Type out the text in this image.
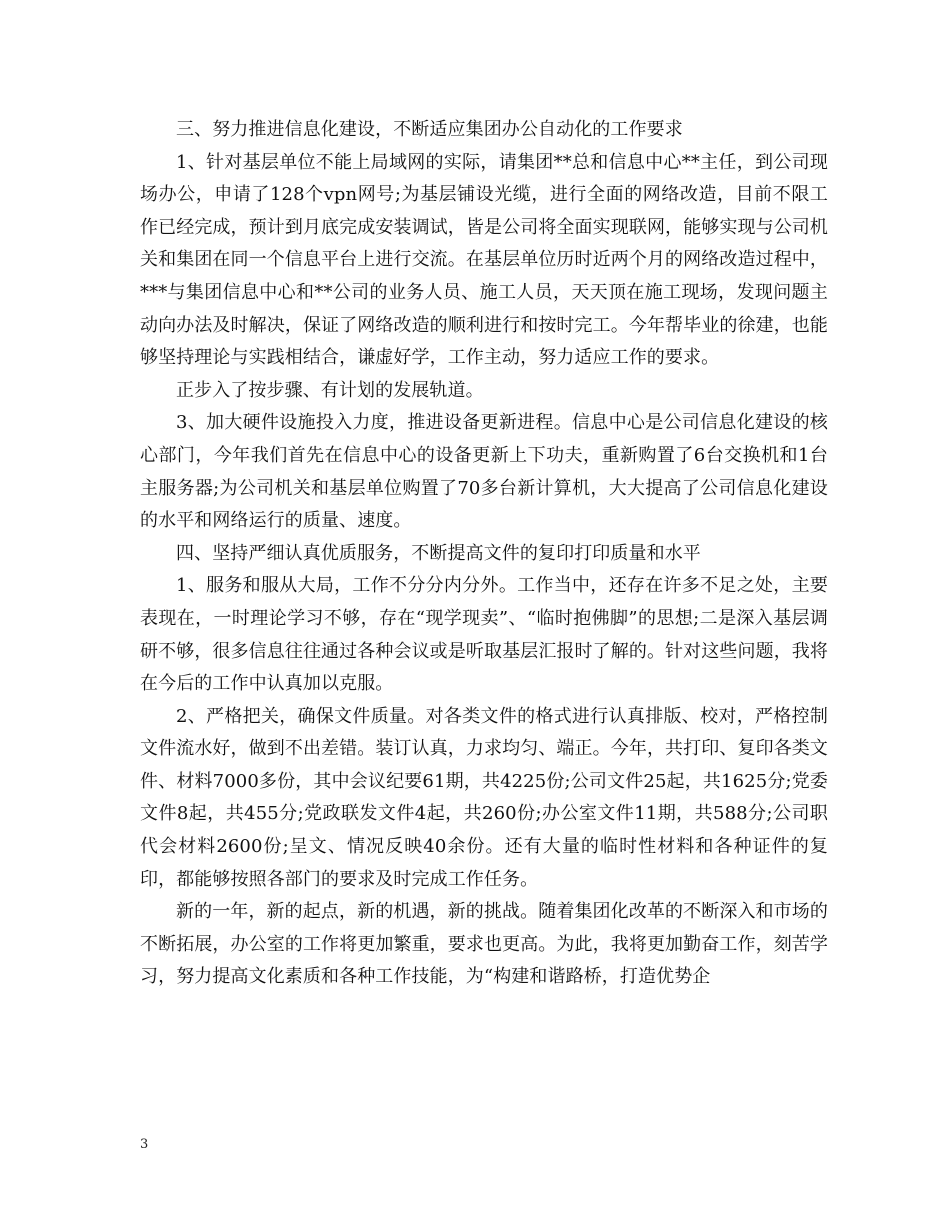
三、努力推进信息化建设，不断适应集团办公自动化的工作要求

1、针对基层单位不能上局域网的实际，请集团**总和信息中心**主任，到公司现场办公，申请了128个vpn网号;为基层铺设光缆，进行全面的网络改造，目前不限工作已经完成，预计到月底完成安装调试，皆是公司将全面实现联网，能够实现与公司机关和集团在同一个信息平台上进行交流。在基层单位历时近两个月的网络改造过程中，***与集团信息中心和**公司的业务人员、施工人员，天天顶在施工现场，发现问题主动向办法及时解决，保证了网络改造的顺利进行和按时完工。今年帮毕业的徐建，也能够坚持理论与实践相结合，谦虚好学，工作主动，努力适应工作的要求。

正步入了按步骤、有计划的发展轨道。

3、加大硬件设施投入力度，推进设备更新进程。信息中心是公司信息化建设的核心部门，今年我们首先在信息中心的设备更新上下功夫，重新购置了6台交换机和1台主服务器;为公司机关和基层单位购置了70多台新计算机，大大提高了公司信息化建设的水平和网络运行的质量、速度。

四、坚持严细认真优质服务，不断提高文件的复印打印质量和水平

1、服务和服从大局，工作不分分内分外。工作当中，还存在许多不足之处，主要表现在，一时理论学习不够，存在“现学现卖”、“临时抱佛脚”的思想;二是深入基层调研不够，很多信息往往通过各种会议或是听取基层汇报时了解的。针对这些问题，我将在今后的工作中认真加以克服。

2、严格把关，确保文件质量。对各类文件的格式进行认真排版、校对，严格控制文件流水好，做到不出差错。装订认真，力求均匀、端正。今年，共打印、复印各类文件、材料7000多份，其中会议纪要61期，共4225份;公司文件25起，共1625分;党委文件8起，共455分;党政联发文件4起，共260份;办公室文件11期，共588分;公司职代会材料2600份;呈文、情况反映40余份。还有大量的临时性材料和各种证件的复印，都能够按照各部门的要求及时完成工作任务。

新的一年，新的起点，新的机遇，新的挑战。随着集团化改革的不断深入和市场的不断拓展，办公室的工作将更加繁重，要求也更高。为此，我将更加勤奋工作，刻苦学习，努力提高文化素质和各种工作技能，为“构建和谐路桥，打造优势企

3
